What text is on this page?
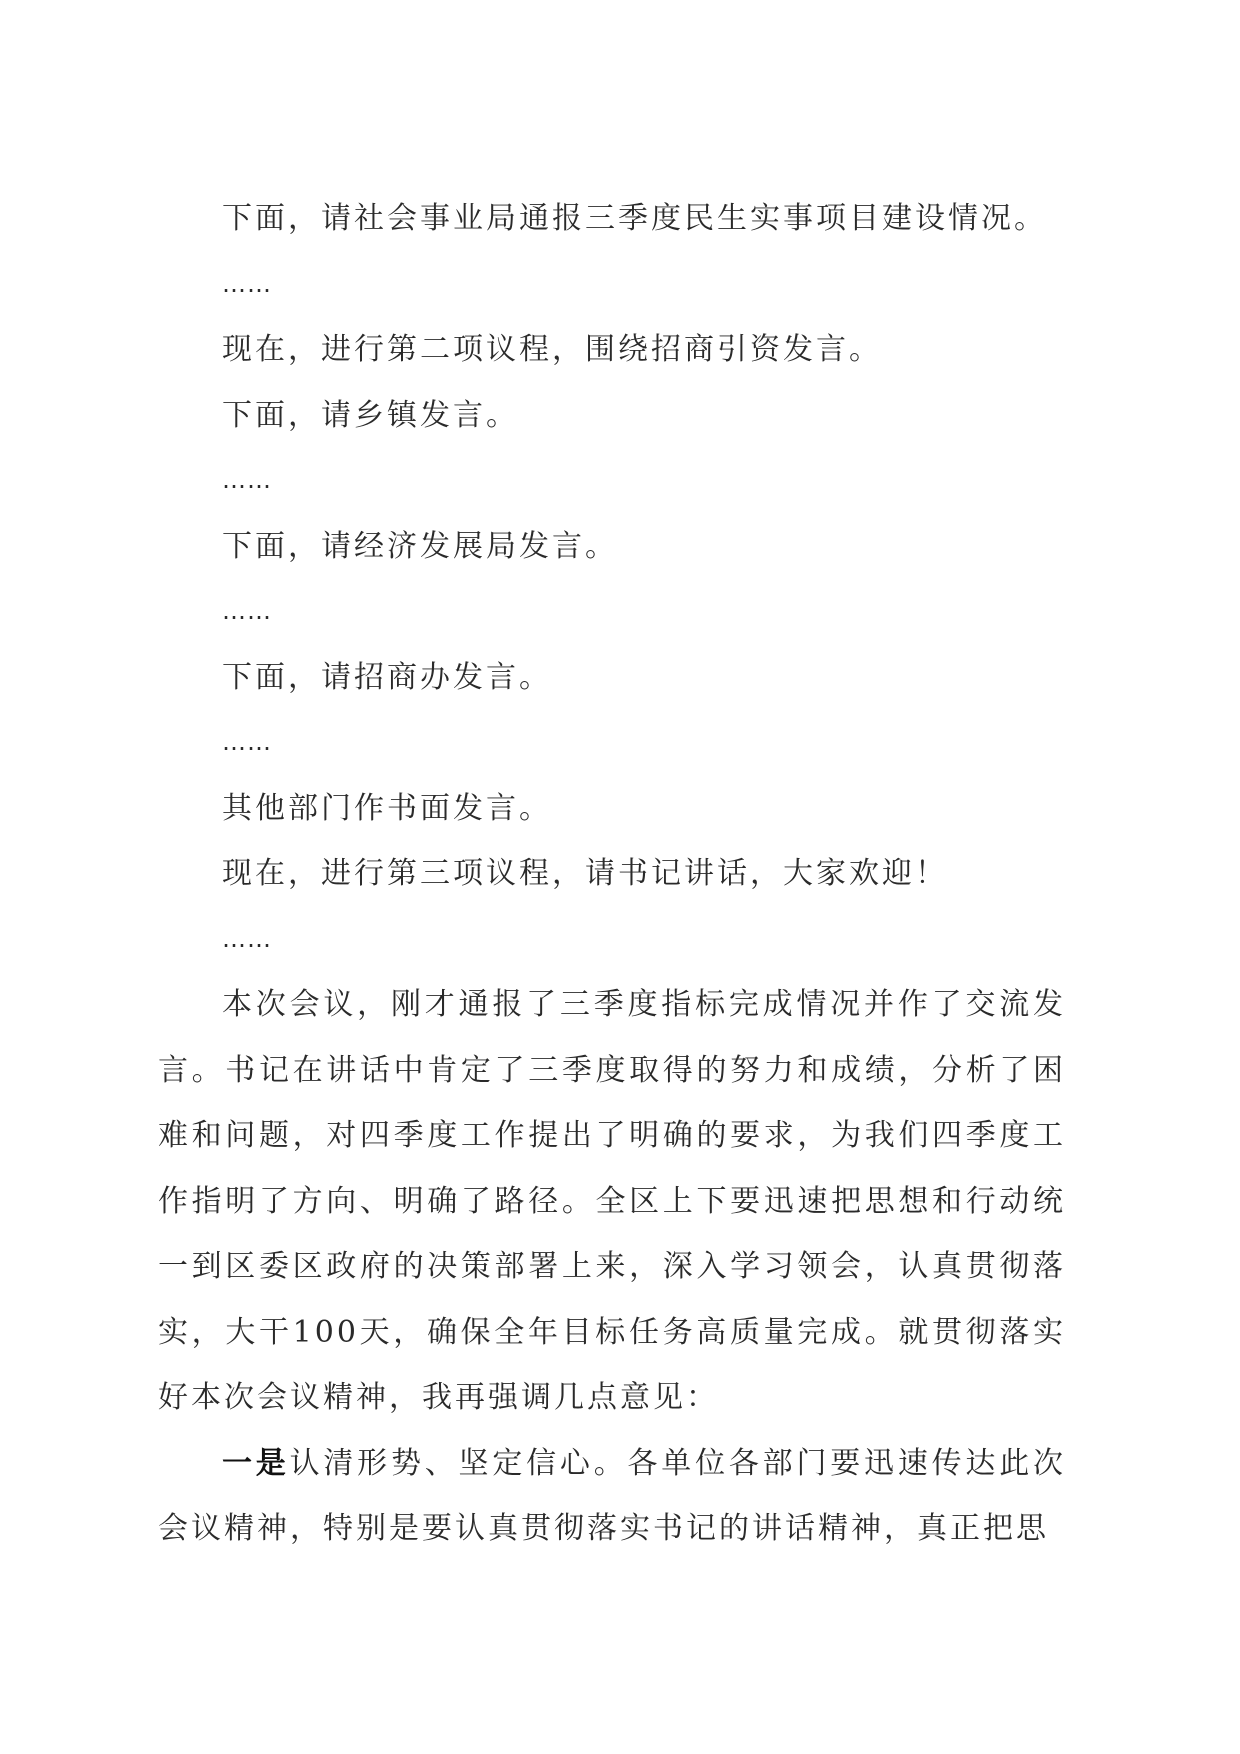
下面，请社会事业局通报三季度民生实事项目建设情况。

……

现在，进行第二项议程，围绕招商引资发言。

下面，请乡镇发言。

……

下面，请经济发展局发言。

……

下面，请招商办发言。

……

其他部门作书面发言。

现在，进行第三项议程，请书记讲话，大家欢迎！

……

本次会议，刚才通报了三季度指标完成情况并作了交流发言。书记在讲话中肯定了三季度取得的努力和成绩，分析了困难和问题，对四季度工作提出了明确的要求，为我们四季度工作指明了方向、明确了路径。全区上下要迅速把思想和行动统一到区委区政府的决策部署上来，深入学习领会，认真贯彻落实，大干100天，确保全年目标任务高质量完成。就贯彻落实好本次会议精神，我再强调几点意见：

一是认清形势、坚定信心。各单位各部门要迅速传达此次会议精神，特别是要认真贯彻落实书记的讲话精神，真正把思
